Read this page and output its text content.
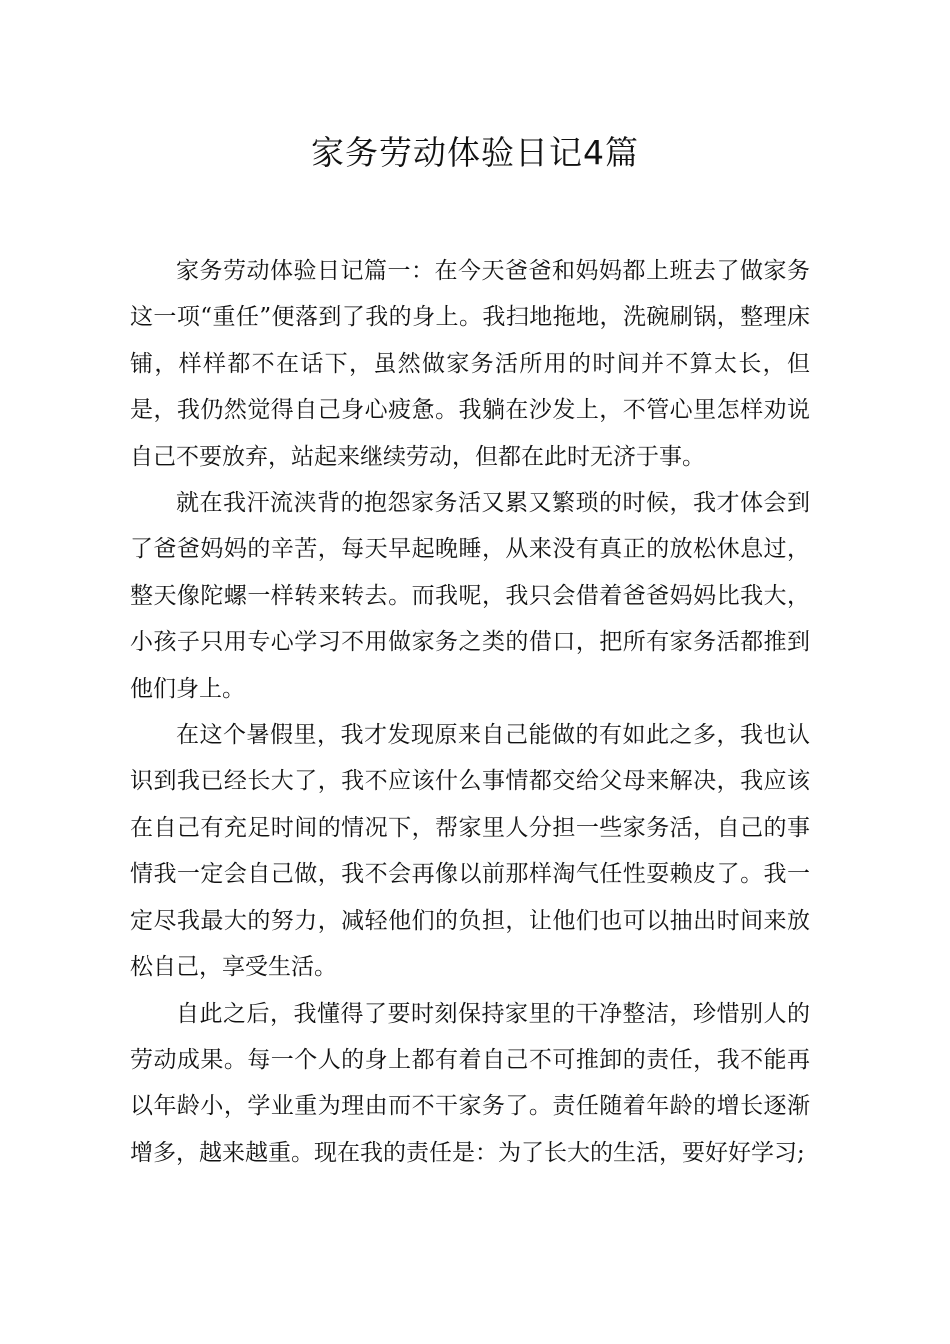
家务劳动体验日记4篇

家务劳动体验日记篇一：在今天爸爸和妈妈都上班去了做家务这一项“重任”便落到了我的身上。我扫地拖地，洗碗刷锅，整理床铺，样样都不在话下，虽然做家务活所用的时间并不算太长，但是，我仍然觉得自己身心疲惫。我躺在沙发上，不管心里怎样劝说自己不要放弃，站起来继续劳动，但都在此时无济于事。

就在我汗流浃背的抱怨家务活又累又繁琐的时候，我才体会到了爸爸妈妈的辛苦，每天早起晚睡，从来没有真正的放松休息过，整天像陀螺一样转来转去。而我呢，我只会借着爸爸妈妈比我大，小孩子只用专心学习不用做家务之类的借口，把所有家务活都推到他们身上。

在这个暑假里，我才发现原来自己能做的有如此之多，我也认识到我已经长大了，我不应该什么事情都交给父母来解决，我应该在自己有充足时间的情况下，帮家里人分担一些家务活，自己的事情我一定会自己做，我不会再像以前那样淘气任性耍赖皮了。我一定尽我最大的努力，减轻他们的负担，让他们也可以抽出时间来放松自己，享受生活。

自此之后，我懂得了要时刻保持家里的干净整洁，珍惜别人的劳动成果。每一个人的身上都有着自己不可推卸的责任，我不能再以年龄小，学业重为理由而不干家务了。责任随着年龄的增长逐渐增多，越来越重。现在我的责任是：为了长大的生活，要好好学习;
